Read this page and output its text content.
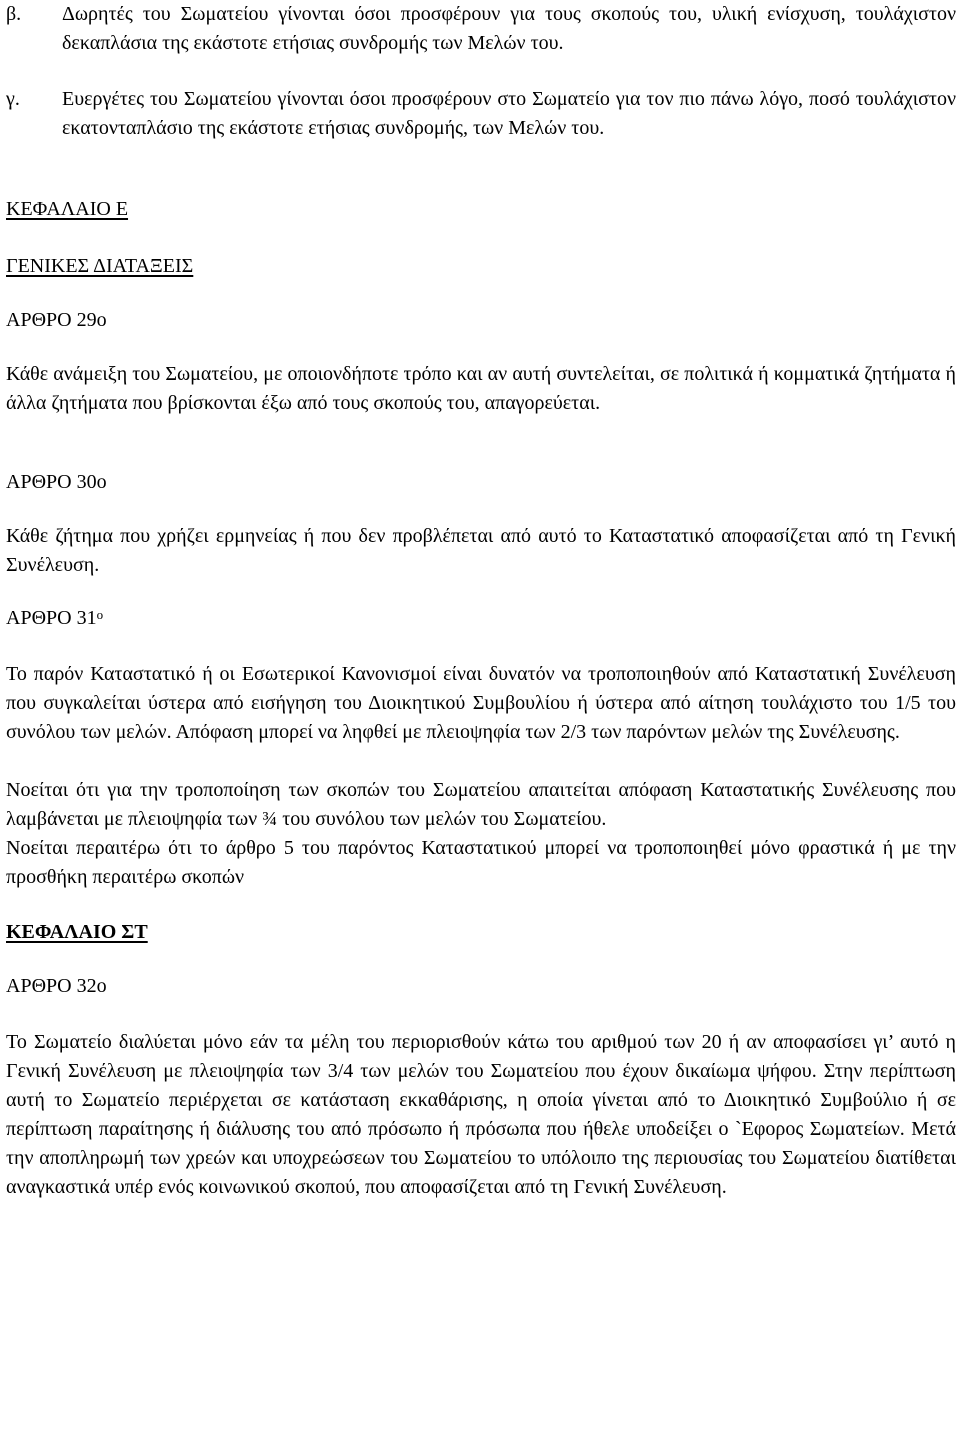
β. Δωρητές του Σωματείου γίνονται όσοι προσφέρουν για τους σκοπούς του, υλική ενίσχυση, τουλάχιστον δεκαπλάσια της εκάστοτε ετήσιας συνδρομής των Μελών του.
γ. Ευεργέτες του Σωματείου γίνονται όσοι προσφέρουν στο Σωματείο για τον πιο πάνω λόγο, ποσό τουλάχιστον εκατονταπλάσιο της εκάστοτε ετήσιας συνδρομής, των Μελών του.

ΚΕΦΑΛΑΙΟ Ε

ΓΕΝΙΚΕΣ ΔΙΑΤΑΞΕΙΣ

ΑΡΘΡΟ 29ο

Κάθε ανάμειξη του Σωματείου, με οποιονδήποτε τρόπο και αν αυτή συντελείται, σε πολιτικά ή κομματικά ζητήματα ή άλλα ζητήματα που βρίσκονται έξω από τους σκοπούς του, απαγορεύεται.

ΑΡΘΡΟ 30ο

Κάθε ζήτημα που χρήζει ερμηνείας ή που δεν προβλέπεται από αυτό το Καταστατικό αποφασίζεται από τη Γενική Συνέλευση.

ΑΡΘΡΟ $31^o$

Το παρόν Καταστατικό ή οι Εσωτερικοί Κανονισμοί είναι δυνατόν να τροποποιηθούν από Καταστατική Συνέλευση που συγκαλείται ύστερα από εισήγηση του Διοικητικού Συμβουλίου ή ύστερα από αίτηση τουλάχιστο του 1/5 του συνόλου των μελών. Απόφαση μπορεί να ληφθεί με πλειοψηφία των 2/3 των παρόντων μελών της Συνέλευσης.

Νοείται ότι για την τροποποίηση των σκοπών του Σωματείου απαιτείται απόφαση Καταστατικής Συνέλευσης που λαμβάνεται με πλειοψηφία των ¾ του συνόλου των μελών του Σωματείου.

Νοείται περαιτέρω ότι το άρθρο 5 του παρόντος Καταστατικού μπορεί να τροποποιηθεί μόνο φραστικά ή με την προσθήκη περαιτέρω σκοπών

ΚΕΦΑΛΑΙΟ ΣΤ

ΑΡΘΡΟ 32ο

Το Σωματείο διαλύεται μόνο εάν τα μέλη του περιορισθούν κάτω του αριθμού των 20 ή αν αποφασίσει γι’ αυτό η Γενική Συνέλευση με πλειοψηφία των 3/4 των μελών του Σωματείου που έχουν δικαίωμα ψήφου. Στην περίπτωση αυτή το Σωματείο περιέρχεται σε κατάσταση εκκαθάρισης, η οποία γίνεται από το Διοικητικό Συμβούλιο ή σε περίπτωση παραίτησης ή διάλυσης του από πρόσωπο ή πρόσωπα που ήθελε υποδείξει ο `Εφορος Σωματείων. Μετά την αποπληρωμή των χρεών και υποχρεώσεων του Σωματείου το υπόλοιπο της περιουσίας του Σωματείου διατίθεται αναγκαστικά υπέρ ενός κοινωνικού σκοπού, που αποφασίζεται από τη Γενική Συνέλευση.
